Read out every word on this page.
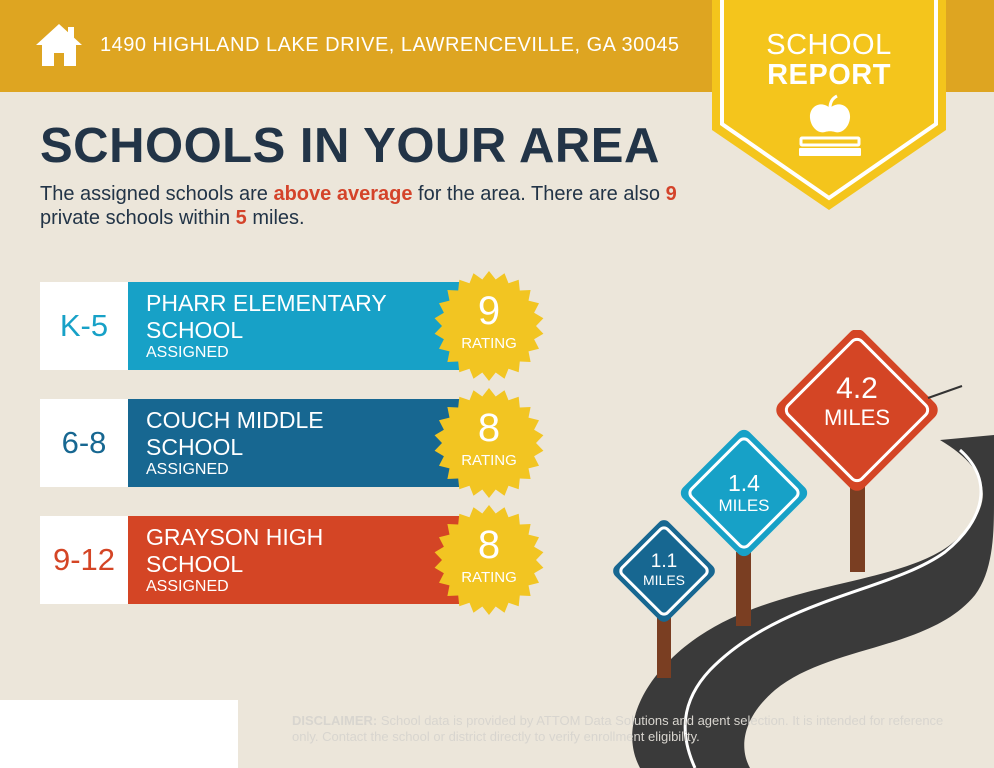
1490 HIGHLAND LAKE DRIVE, LAWRENCEVILLE, GA 30045	SCHOOL
REPORT
SCHOOLS IN YOUR AREA
The assigned schools are above average for the area. There are also 9 private schools within 5 miles.
K-5
PHARR ELEMENTARY SCHOOL
ASSIGNED
9
RATING
6-8
COUCH MIDDLE SCHOOL
ASSIGNED
8
RATING
9-12
GRAYSON HIGH SCHOOL
ASSIGNED
8
RATING
4.2
MILES
1.4
MILES
1.1
MILES
DISCLAIMER: School data is provided by ATTOM Data Solutions and agent selection. It is intended for reference only. Contact the school or district directly to verify enrollment eligibility.
